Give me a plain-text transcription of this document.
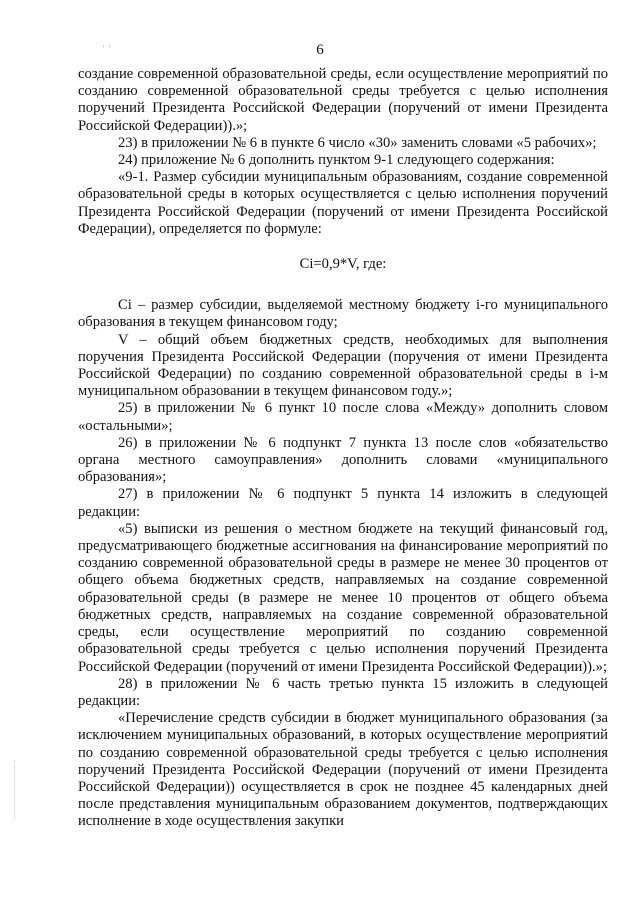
' '	6

создание современной образовательной среды, если осуществление мероприятий по созданию современной образовательной среды требуется с целью исполнения поручений Президента Российской Федерации (поручений от имени Президента Российской Федерации)).»;

23) в приложении № 6 в пункте 6 число «30» заменить словами «5 рабочих»;

24) приложение № 6 дополнить пунктом 9-1 следующего содержания:

«9-1. Размер субсидии муниципальным образованиям, создание современной образовательной среды в которых осуществляется с целью исполнения поручений Президента Российской Федерации (поручений от имени Президента Российской Федерации), определяется по формуле:

Ci=0,9*V, где:

Ci – размер субсидии, выделяемой местному бюджету i-го муниципального образования в текущем финансовом году;

V – общий объем бюджетных средств, необходимых для выполнения поручения Президента Российской Федерации (поручения от имени Президента Российской Федерации) по созданию современной образовательной среды в i-м муниципальном образовании в текущем финансовом году.»;

25) в приложении № 6 пункт 10 после слова «Между» дополнить словом «остальными»;

26) в приложении № 6 подпункт 7 пункта 13 после слов «обязательство органа местного самоуправления» дополнить словами «муниципального образования»;

27) в приложении № 6 подпункт 5 пункта 14 изложить в следующей редакции:

«5) выписки из решения о местном бюджете на текущий финансовый год, предусматривающего бюджетные ассигнования на финансирование мероприятий по созданию современной образовательной среды в размере не менее 30 процентов от общего объема бюджетных средств, направляемых на создание современной образовательной среды (в размере не менее 10 процентов от общего объема бюджетных средств, направляемых на создание современной образовательной среды, если осуществление мероприятий по созданию современной образовательной среды требуется с целью исполнения поручений Президента Российской Федерации (поручений от имени Президента Российской Федерации)).»;

28) в приложении № 6 часть третью пункта 15 изложить в следующей редакции:

«Перечисление средств субсидии в бюджет муниципального образования (за исключением муниципальных образований, в которых осуществление мероприятий по созданию современной образовательной среды требуется с целью исполнения поручений Президента Российской Федерации (поручений от имени Президента Российской Федерации)) осуществляется в срок не позднее 45 календарных дней после представления муниципальным образованием документов, подтверждающих исполнение в ходе осуществления закупки
